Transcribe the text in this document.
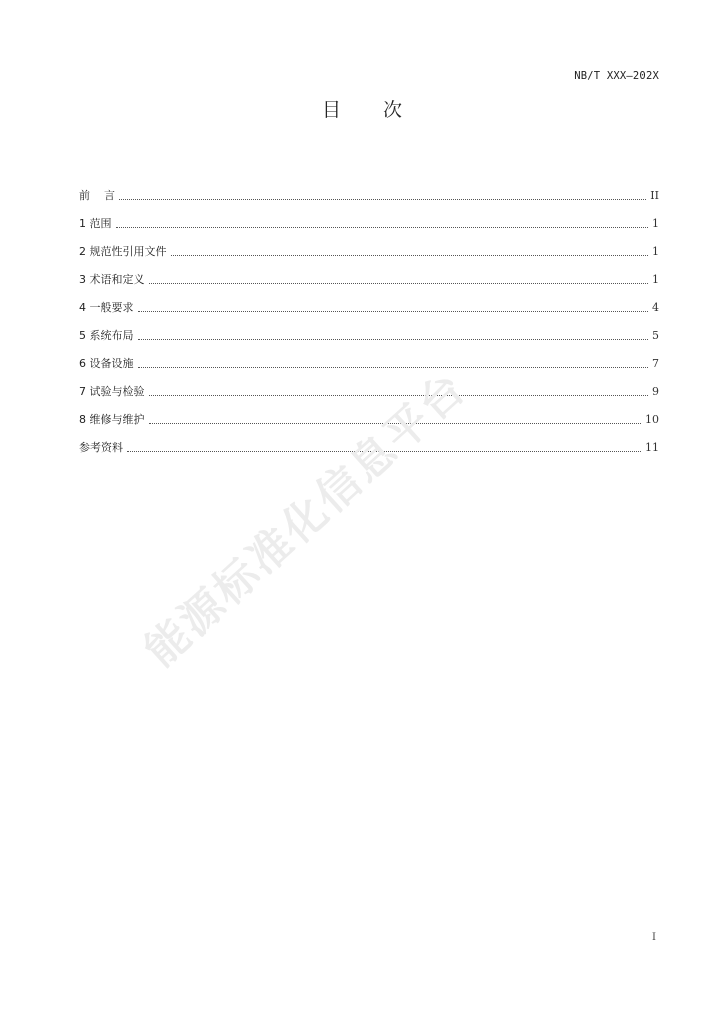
NB/T XXX—202X
目 次
前    言	II
1 范围	1
2 规范性引用文件	1
3 术语和定义	1
4 一般要求	4
5 系统布局	5
6 设备设施	7
7 试验与检验	9
8 维修与维护	10
参考资料	11
能源标准化信息平台
I
